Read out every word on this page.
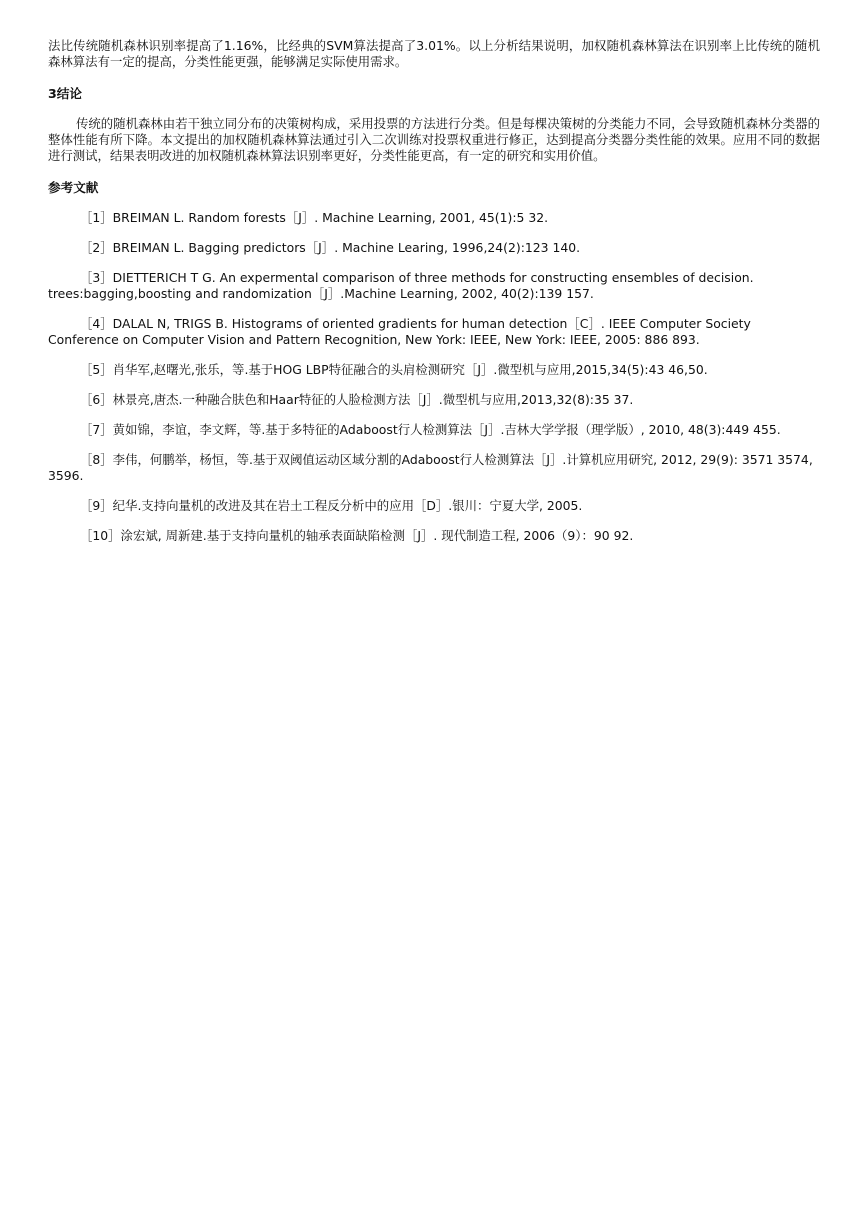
法比传统随机森林识别率提高了1.16%，比经典的SVM算法提高了3.01%。以上分析结果说明，加权随机森林算法在识别率上比传统的随机森林算法有一定的提高，分类性能更强，能够满足实际使用需求。

3结论

传统的随机森林由若干独立同分布的决策树构成，采用投票的方法进行分类。但是每棵决策树的分类能力不同，会导致随机森林分类器的整体性能有所下降。本文提出的加权随机森林算法通过引入二次训练对投票权重进行修正，达到提高分类器分类性能的效果。应用不同的数据进行测试，结果表明改进的加权随机森林算法识别率更好，分类性能更高，有一定的研究和实用价值。

参考文献
［1］BREIMAN L. Random forests［J］. Machine Learning, 2001, 45(1):5 32.
［2］BREIMAN L. Bagging predictors［J］. Machine Learing, 1996,24(2):123 140.
［3］DIETTERICH T G. An expermental comparison of three methods for constructing ensembles of decision. trees:bagging,boosting and randomization［J］.Machine Learning, 2002, 40(2):139 157.
［4］DALAL N, TRIGS B. Histograms of oriented gradients for human detection［C］. IEEE Computer Society Conference on Computer Vision and Pattern Recognition, New York: IEEE, New York: IEEE, 2005: 886 893.
［5］肖华军,赵曙光,张乐，等.基于HOG LBP特征融合的头肩检测研究［J］.微型机与应用,2015,34(5):43 46,50.
［6］林景亮,唐杰.一种融合肤色和Haar特征的人脸检测方法［J］.微型机与应用,2013,32(8):35 37.
［7］黄如锦，李谊，李文辉，等.基于多特征的Adaboost行人检测算法［J］.吉林大学学报（理学版）, 2010, 48(3):449 455.
［8］李伟，何鹏举，杨恒，等.基于双阈值运动区域分割的Adaboost行人检测算法［J］.计算机应用研究, 2012, 29(9): 3571 3574, 3596.
［9］纪华.支持向量机的改进及其在岩土工程反分析中的应用［D］.银川：宁夏大学, 2005.
［10］涂宏斌, 周新建.基于支持向量机的轴承表面缺陷检测［J］. 现代制造工程, 2006（9）：90 92.
